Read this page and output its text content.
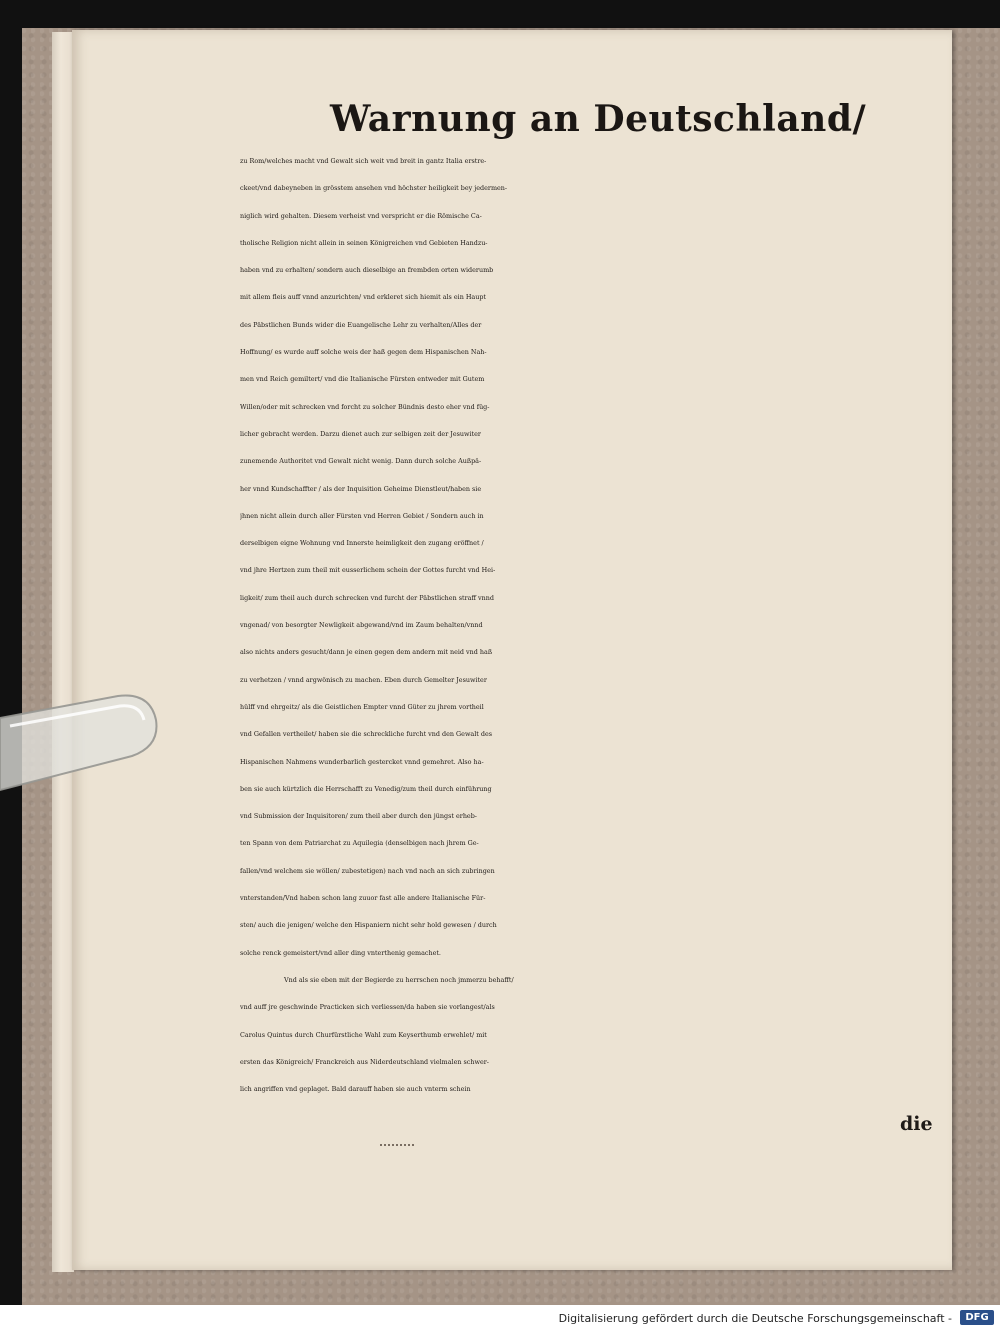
Warnung an Deutschland/
zu Rom/welches macht vnd Gewalt sich weit vnd breit in gantz Italia erstre-
ckeet/vnd dabeyneben in grösstem ansehen vnd höchster heiligkeit bey jedermen-
niglich wird gehalten. Diesem verheist vnd verspricht er die Römische Ca-
tholische Religion nicht allein in seinen Königreichen vnd Gebieten Handzu-
haben vnd zu erhalten/ sondern auch dieselbige an frembden orten widerumb
mit allem fleis auff vnnd anzurichten/ vnd erkleret sich hiemit als ein Haupt
des Päbstlichen Bunds wider die Euangelische Lehr zu verhalten/Alles der
Hoffnung/ es wurde auff solche weis der haß gegen dem Hispanischen Nah-
men vnd Reich gemiltert/ vnd die Italianische Fürsten entweder mit Gutem
Willen/oder mit schrecken vnd forcht zu solcher Bündnis desto eher vnd füg-
licher gebracht werden. Darzu dienet auch zur selbigen zeit der Jesuwiter
zunemende Authoritet vnd Gewalt nicht wenig. Dann durch solche Außpä-
her vnnd Kundschaffter / als der Inquisition Geheime Dienstleut/haben sie
jhnen nicht allein durch aller Fürsten vnd Herren Gebiet / Sondern auch in
derselbigen eigne Wohnung vnd Innerste heimligkeit den zugang eröffnet /
vnd jhre Hertzen zum theil mit eusserlichem schein der Gottes furcht vnd Hei-
ligkeit/ zum theil auch durch schrecken vnd furcht der Päbstlichen straff vnnd
vngenad/ von besorgter Newligkeit abgewand/vnd im Zaum behalten/vnnd
also nichts anders gesucht/dann je einen gegen dem andern mit neid vnd haß
zu verhetzen / vnnd argwönisch zu machen. Eben durch Gemelter Jesuwiter
hülff vnd ehrgeitz/ als die Geistlichen Empter vnnd Güter zu jhrem vortheil
vnd Gefallen vertheilet/ haben sie die schreckliche furcht vnd den Gewalt des
Hispanischen Nahmens wunderbarlich gestercket vnnd gemehret. Also ha-
ben sie auch kürtzlich die Herrschafft zu Venedig/zum theil durch einführung
vnd Submission der Inquisitoren/ zum theil aber durch den jüngst erheb-
ten Spann von dem Patriarchat zu Aquilegia (denselbigen nach jhrem Ge-
fallen/vnd welchem sie wöllen/ zubestetigen) nach vnd nach an sich zubringen
vnterstanden/Vnd haben schon lang zuuor fast alle andere Italianische Für-
sten/ auch die jenigen/ welche den Hispaniern nicht sehr hold gewesen / durch
solche renck gemeistert/vnd aller ding vnterthenig gemachet.
Vnd als sie eben mit der Begierde zu herrschen noch jmmerzu behafft/
vnd auff jre geschwinde Practicken sich verliessen/da haben sie vorlangest/als
Carolus Quintus durch Churfürstliche Wahl zum Keyserthumb erwehlet/ mit
ersten das Königreich/ Franckreich aus Niderdeutschland vielmalen schwer-
lich angriffen vnd geplaget. Bald darauff haben sie auch vnterm schein
die
Digitalisierung gefördert durch die Deutsche Forschungsgemeinschaft -	DFG
